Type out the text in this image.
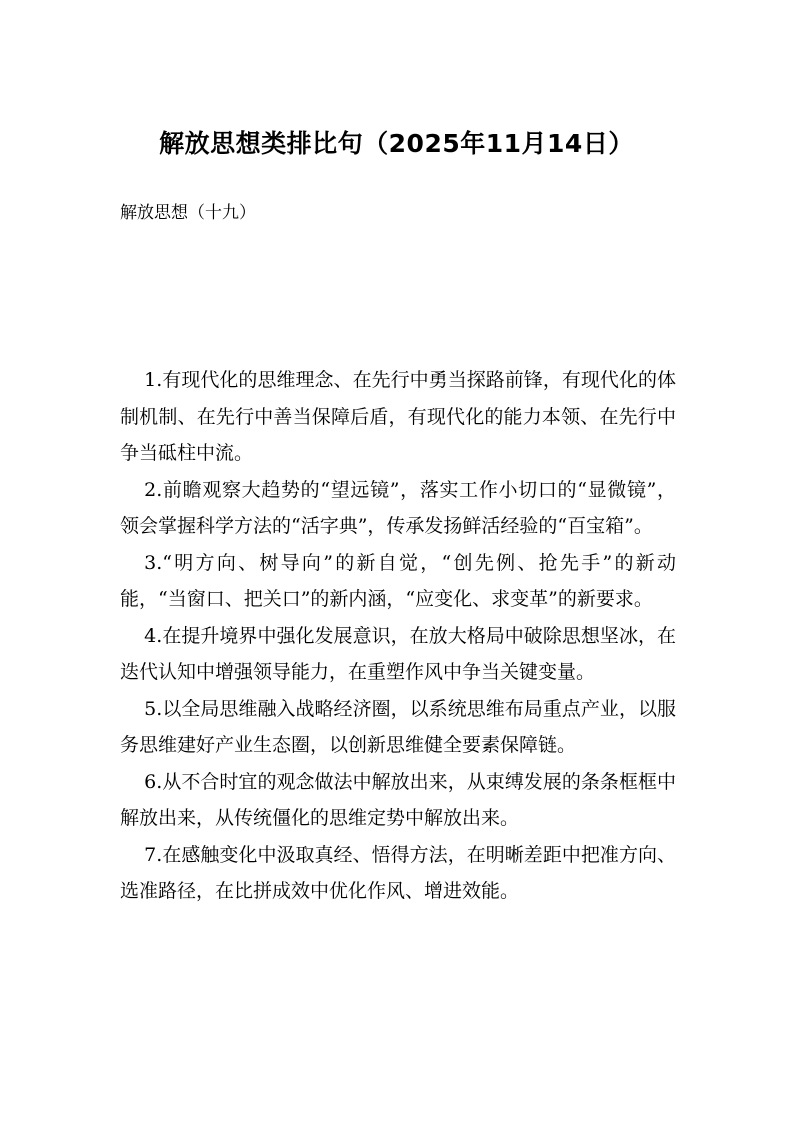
解放思想类排比句（2025年11月14日）

解放思想（十九）

1.有现代化的思维理念、在先行中勇当探路前锋，有现代化的体制机制、在先行中善当保障后盾，有现代化的能力本领、在先行中争当砥柱中流。
2.前瞻观察大趋势的“望远镜”，落实工作小切口的“显微镜”，领会掌握科学方法的“活字典”，传承发扬鲜活经验的“百宝箱”。
3.“明方向、树导向”的新自觉，“创先例、抢先手”的新动能，“当窗口、把关口”的新内涵，“应变化、求变革”的新要求。
4.在提升境界中强化发展意识，在放大格局中破除思想坚冰，在迭代认知中增强领导能力，在重塑作风中争当关键变量。
5.以全局思维融入战略经济圈，以系统思维布局重点产业，以服务思维建好产业生态圈，以创新思维健全要素保障链。
6.从不合时宜的观念做法中解放出来，从束缚发展的条条框框中解放出来，从传统僵化的思维定势中解放出来。
7.在感触变化中汲取真经、悟得方法，在明晰差距中把准方向、选准路径，在比拼成效中优化作风、增进效能。
